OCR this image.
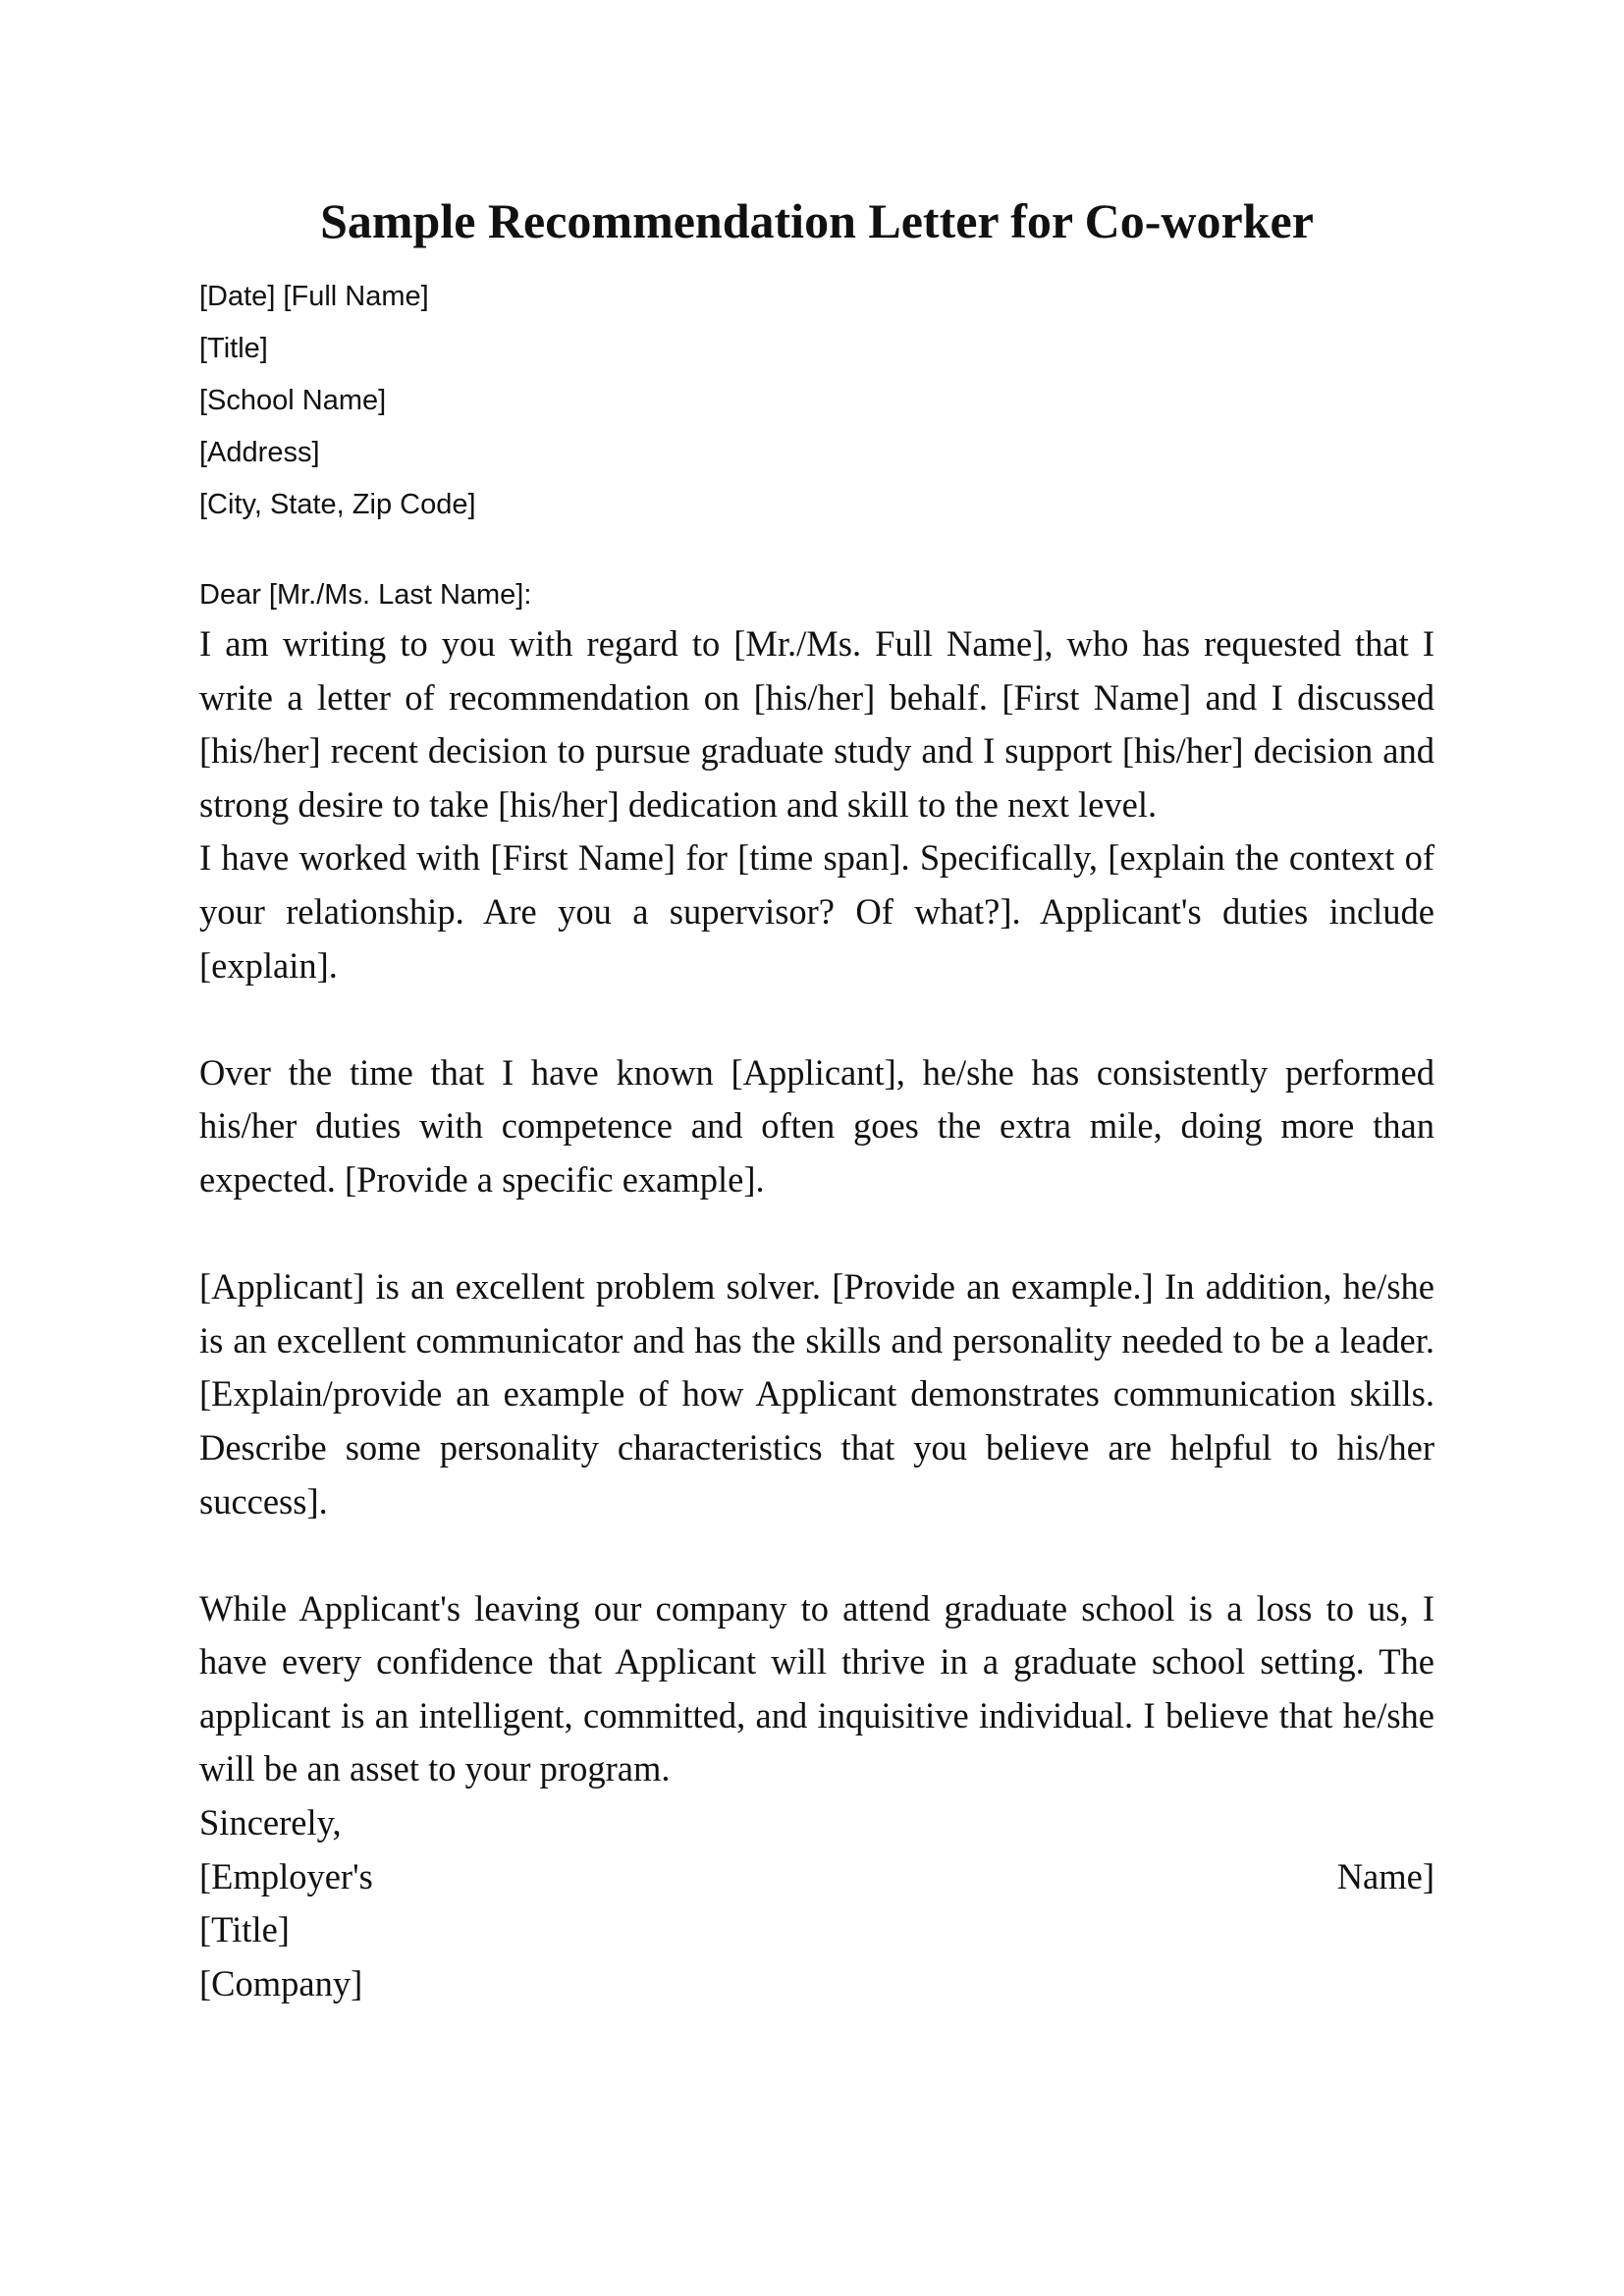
Sample Recommendation Letter for Co-worker
[Date] [Full Name]
[Title]
[School Name]
[Address]
[City, State, Zip Code]
Dear [Mr./Ms. Last Name]:

I am writing to you with regard to [Mr./Ms. Full Name], who has requested that I write a letter of recommendation on [his/her] behalf. [First Name] and I discussed [his/her] recent decision to pursue graduate study and I support [his/her] decision and strong desire to take [his/her] dedication and skill to the next level.

I have worked with [First Name] for [time span]. Specifically, [explain the context of your relationship. Are you a supervisor? Of what?]. Applicant's duties include [explain].

Over the time that I have known [Applicant], he/she has consistently performed his/her duties with competence and often goes the extra mile, doing more than expected. [Provide a specific example].

[Applicant] is an excellent problem solver. [Provide an example.] In addition, he/she is an excellent communicator and has the skills and personality needed to be a leader. [Explain/provide an example of how Applicant demonstrates communication skills. Describe some personality characteristics that you believe are helpful to his/her success].

While Applicant's leaving our company to attend graduate school is a loss to us, I have every confidence that Applicant will thrive in a graduate school setting. The applicant is an intelligent, committed, and inquisitive individual. I believe that he/she will be an asset to your program.

Sincerely,
[Employer's	Name]
[Title]
[Company]
